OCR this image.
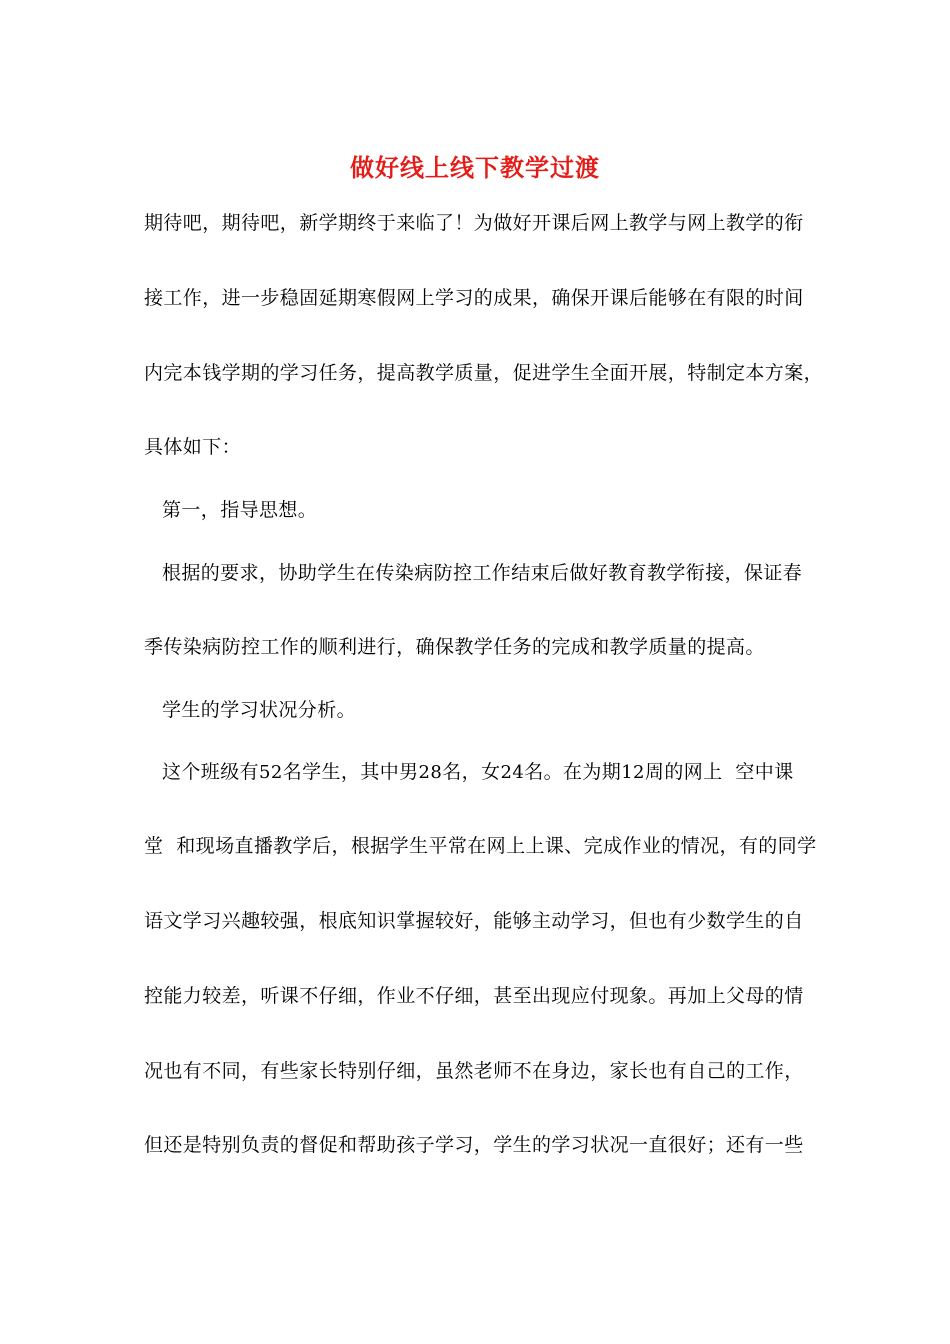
做好线上线下教学过渡
期待吧，期待吧，新学期终于来临了！为做好开课后网上教学与网上教学的衔
接工作，进一步稳固延期寒假网上学习的成果，确保开课后能够在有限的时间
内完本钱学期的学习任务，提高教学质量，促进学生全面开展，特制定本方案，
具体如下：
第一，指导思想。
根据的要求，协助学生在传染病防控工作结束后做好教育教学衔接，保证春
季传染病防控工作的顺利进行，确保教学任务的完成和教学质量的提高。
学生的学习状况分析。
这个班级有52名学生，其中男28名，女24名。在为期12周的网上  空中课
堂  和现场直播教学后，根据学生平常在网上上课、完成作业的情况，有的同学
语文学习兴趣较强，根底知识掌握较好，能够主动学习，但也有少数学生的自
控能力较差，听课不仔细，作业不仔细，甚至出现应付现象。再加上父母的情
况也有不同，有些家长特别仔细，虽然老师不在身边，家长也有自己的工作，
但还是特别负责的督促和帮助孩子学习，学生的学习状况一直很好；还有一些
